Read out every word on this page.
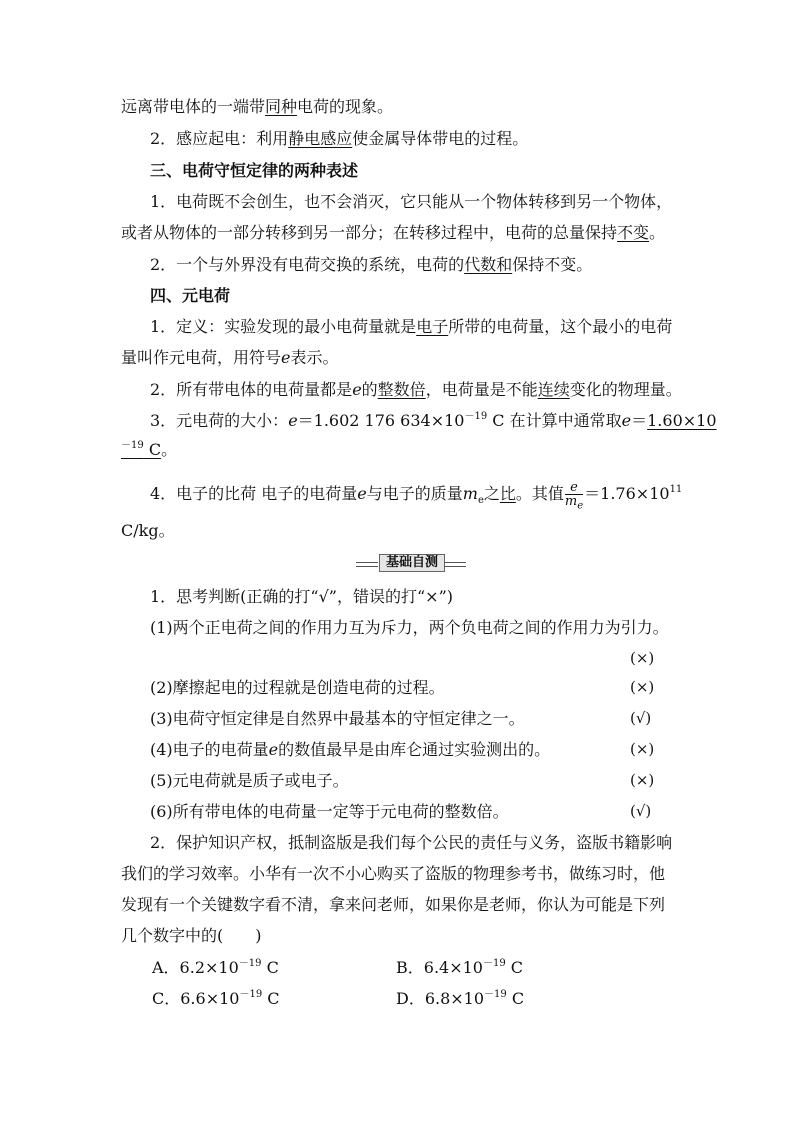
远离带电体的一端带同种电荷的现象。
2．感应起电：利用静电感应使金属导体带电的过程。
三、电荷守恒定律的两种表述
1．电荷既不会创生，也不会消灭，它只能从一个物体转移到另一个物体，
或者从物体的一部分转移到另一部分；在转移过程中，电荷的总量保持不变。
2．一个与外界没有电荷交换的系统，电荷的代数和保持不变。
四、元电荷
1．定义：实验发现的最小电荷量就是电子所带的电荷量，这个最小的电荷
量叫作元电荷，用符号e表示。
2．所有带电体的电荷量都是e的整数倍，电荷量是不能连续变化的物理量。
3．元电荷的大小：e＝1.602 176 $634\times 10^{-19}$ C 在计算中通常取e＝1.60×10
$^{-19}$ C。
4．电子的比荷 电子的电荷量e与电子的质量$m_e$之比。其值 $\frac{e}{m_e} =1.76\times 10^{11}$
C/kg。
基础自测
1．思考判断(正确的打“√”，错误的打“×”)
(1)两个正电荷之间的作用力互为斥力，两个负电荷之间的作用力为引力。
(×)
(2)摩擦起电的过程就是创造电荷的过程。	(×)
(3)电荷守恒定律是自然界中最基本的守恒定律之一。	(√)
(4)电子的电荷量e的数值最早是由库仑通过实验测出的。	(×)
(5)元电荷就是质子或电子。	(×)
(6)所有带电体的电荷量一定等于元电荷的整数倍。	(√)
2．保护知识产权，抵制盗版是我们每个公民的责任与义务，盗版书籍影响
我们的学习效率。小华有一次不小心购买了盗版的物理参考书，做练习时，他
发现有一个关键数字看不清，拿来问老师，如果你是老师，你认为可能是下列
几个数字中的(　　)
A．$6.2\times 10^{-19}$ C	B．$6.4\times 10^{-19}$ C
C．$6.6\times 10^{-19}$ C	D．$6.8\times 10^{-19}$ C
